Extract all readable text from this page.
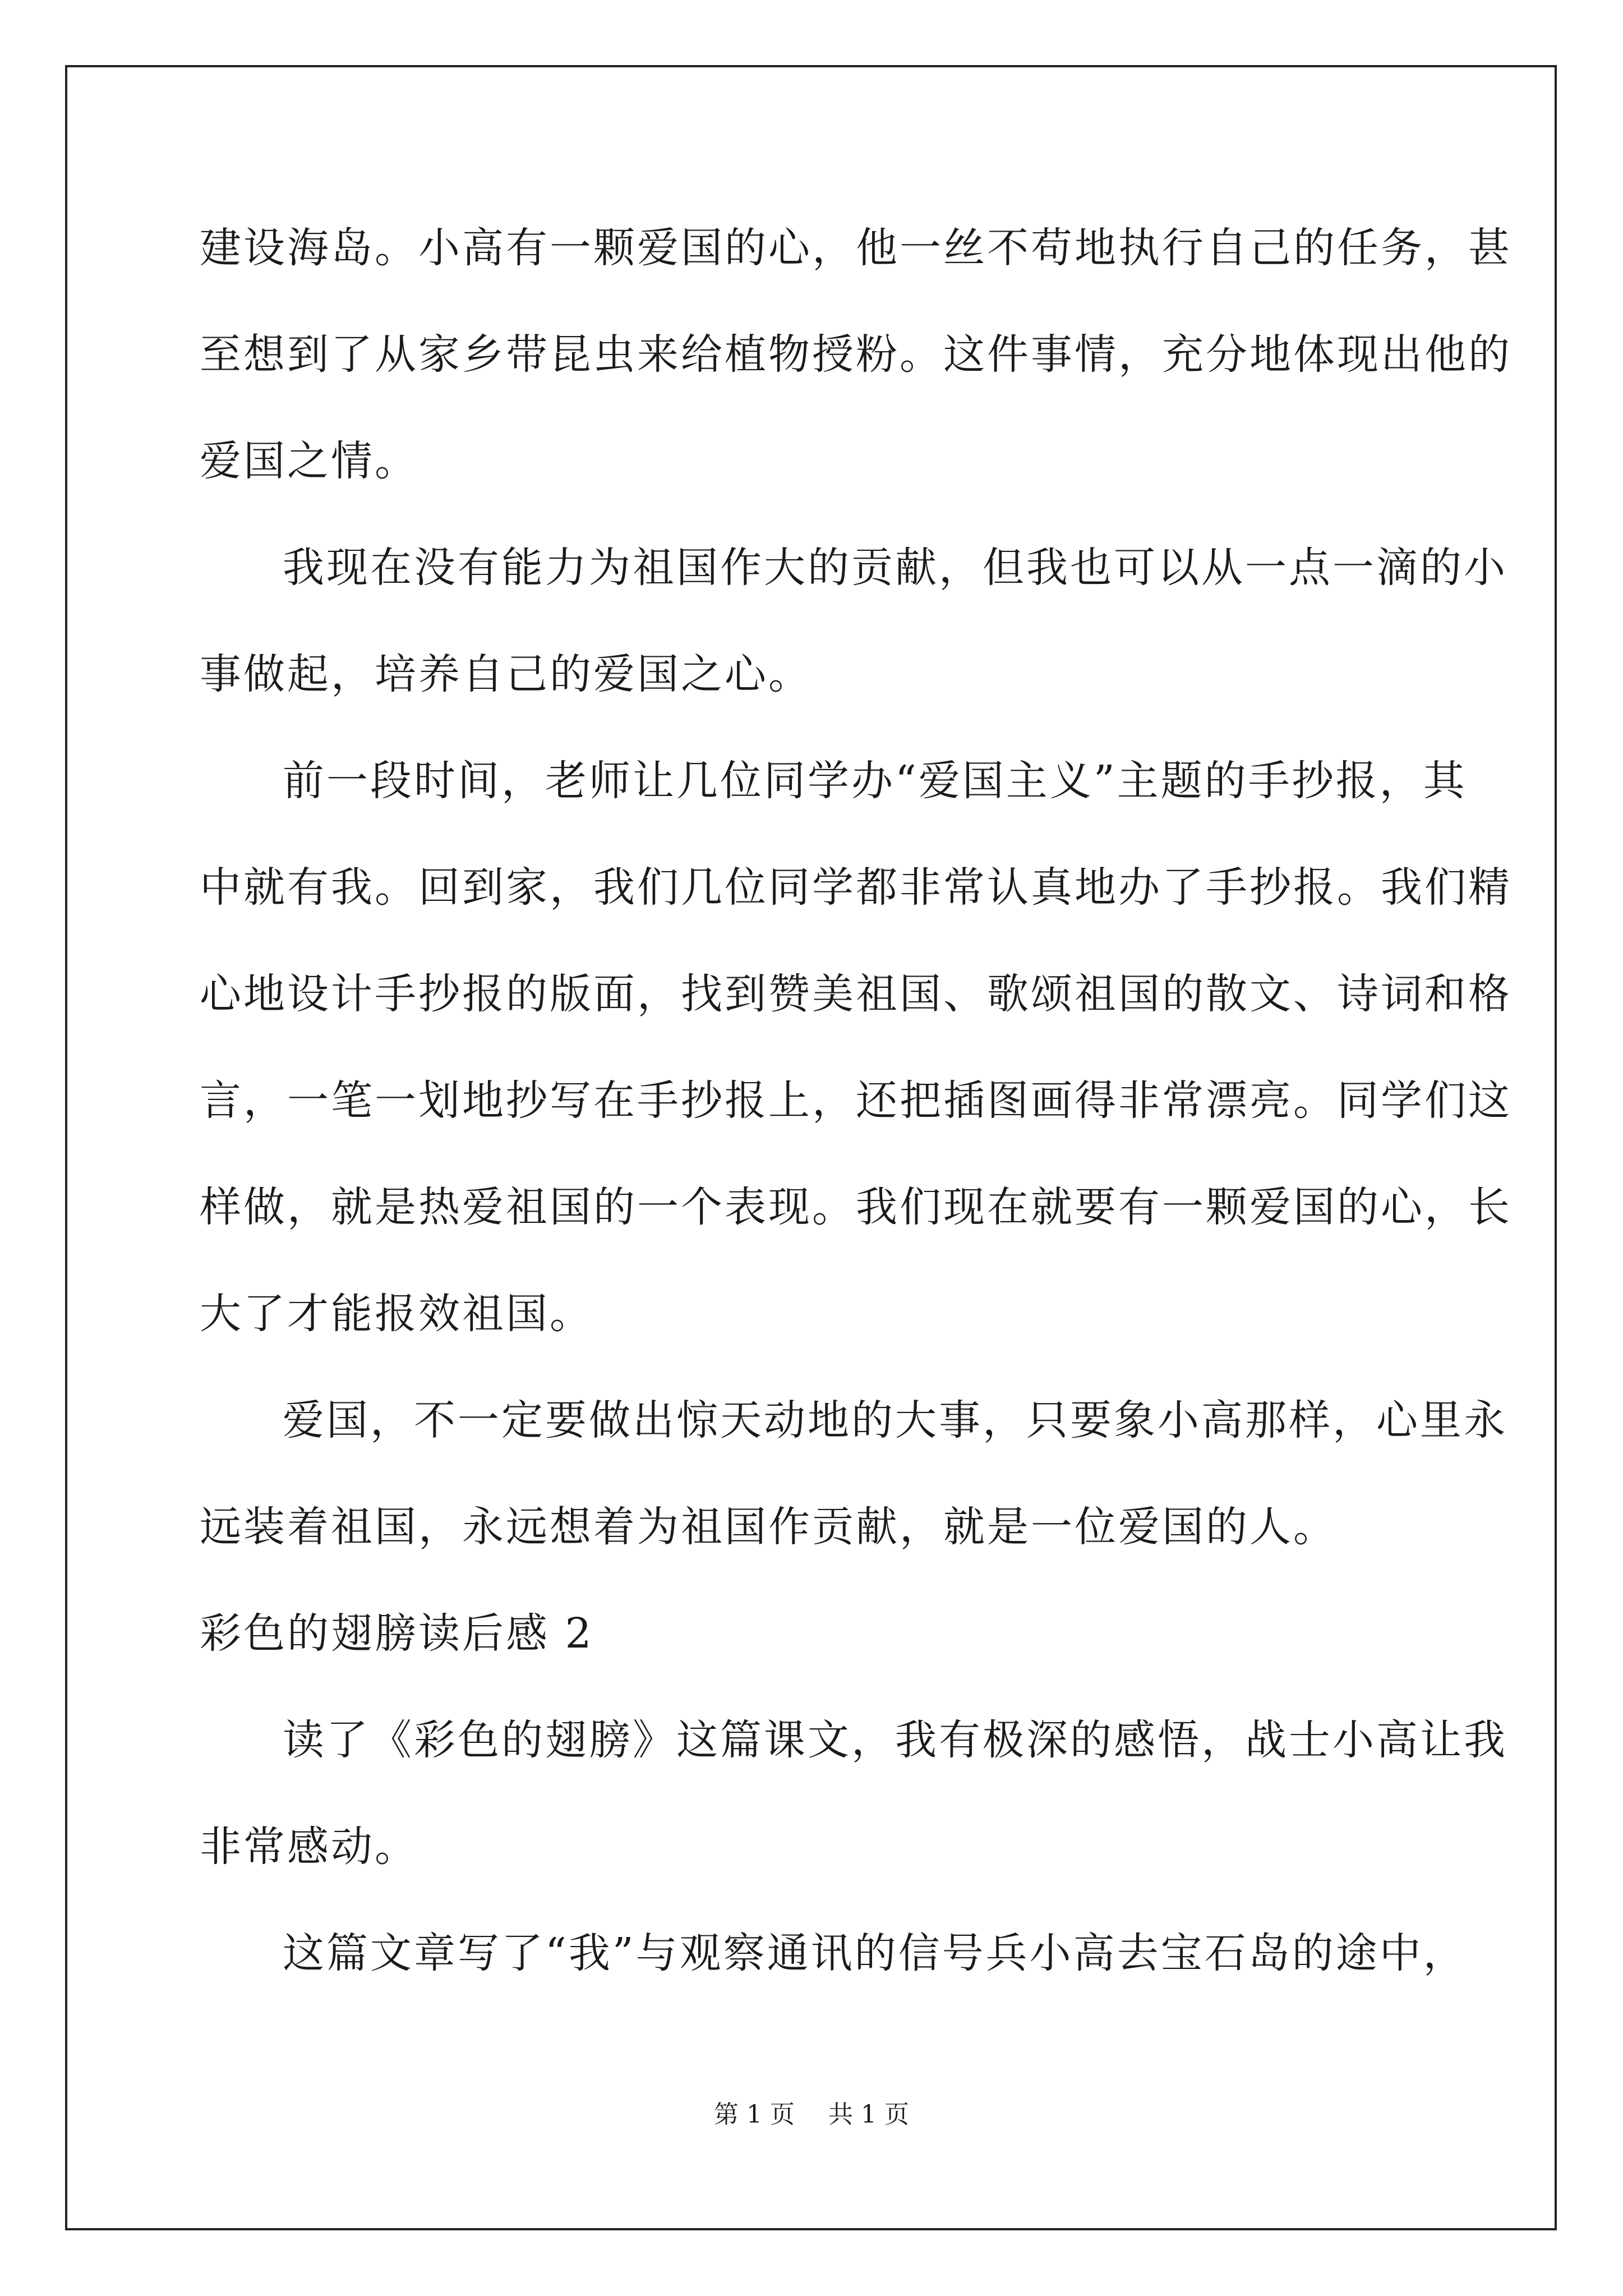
建设海岛。小高有一颗爱国的心，他一丝不苟地执行自己的任务，甚
至想到了从家乡带昆虫来给植物授粉。这件事情，充分地体现出他的
爱国之情。
我现在没有能力为祖国作大的贡献，但我也可以从一点一滴的小
事做起，培养自己的爱国之心。
前一段时间，老师让几位同学办“爱国主义”主题的手抄报，其
中就有我。回到家，我们几位同学都非常认真地办了手抄报。我们精
心地设计手抄报的版面，找到赞美祖国、歌颂祖国的散文、诗词和格
言，一笔一划地抄写在手抄报上，还把插图画得非常漂亮。同学们这
样做，就是热爱祖国的一个表现。我们现在就要有一颗爱国的心，长
大了才能报效祖国。
爱国，不一定要做出惊天动地的大事，只要象小高那样，心里永
远装着祖国，永远想着为祖国作贡献，就是一位爱国的人。
彩色的翅膀读后感 2
读了《彩色的翅膀》这篇课文，我有极深的感悟，战士小高让我
非常感动。
这篇文章写了“我”与观察通讯的信号兵小高去宝石岛的途中，
第 1 页 共 1 页
